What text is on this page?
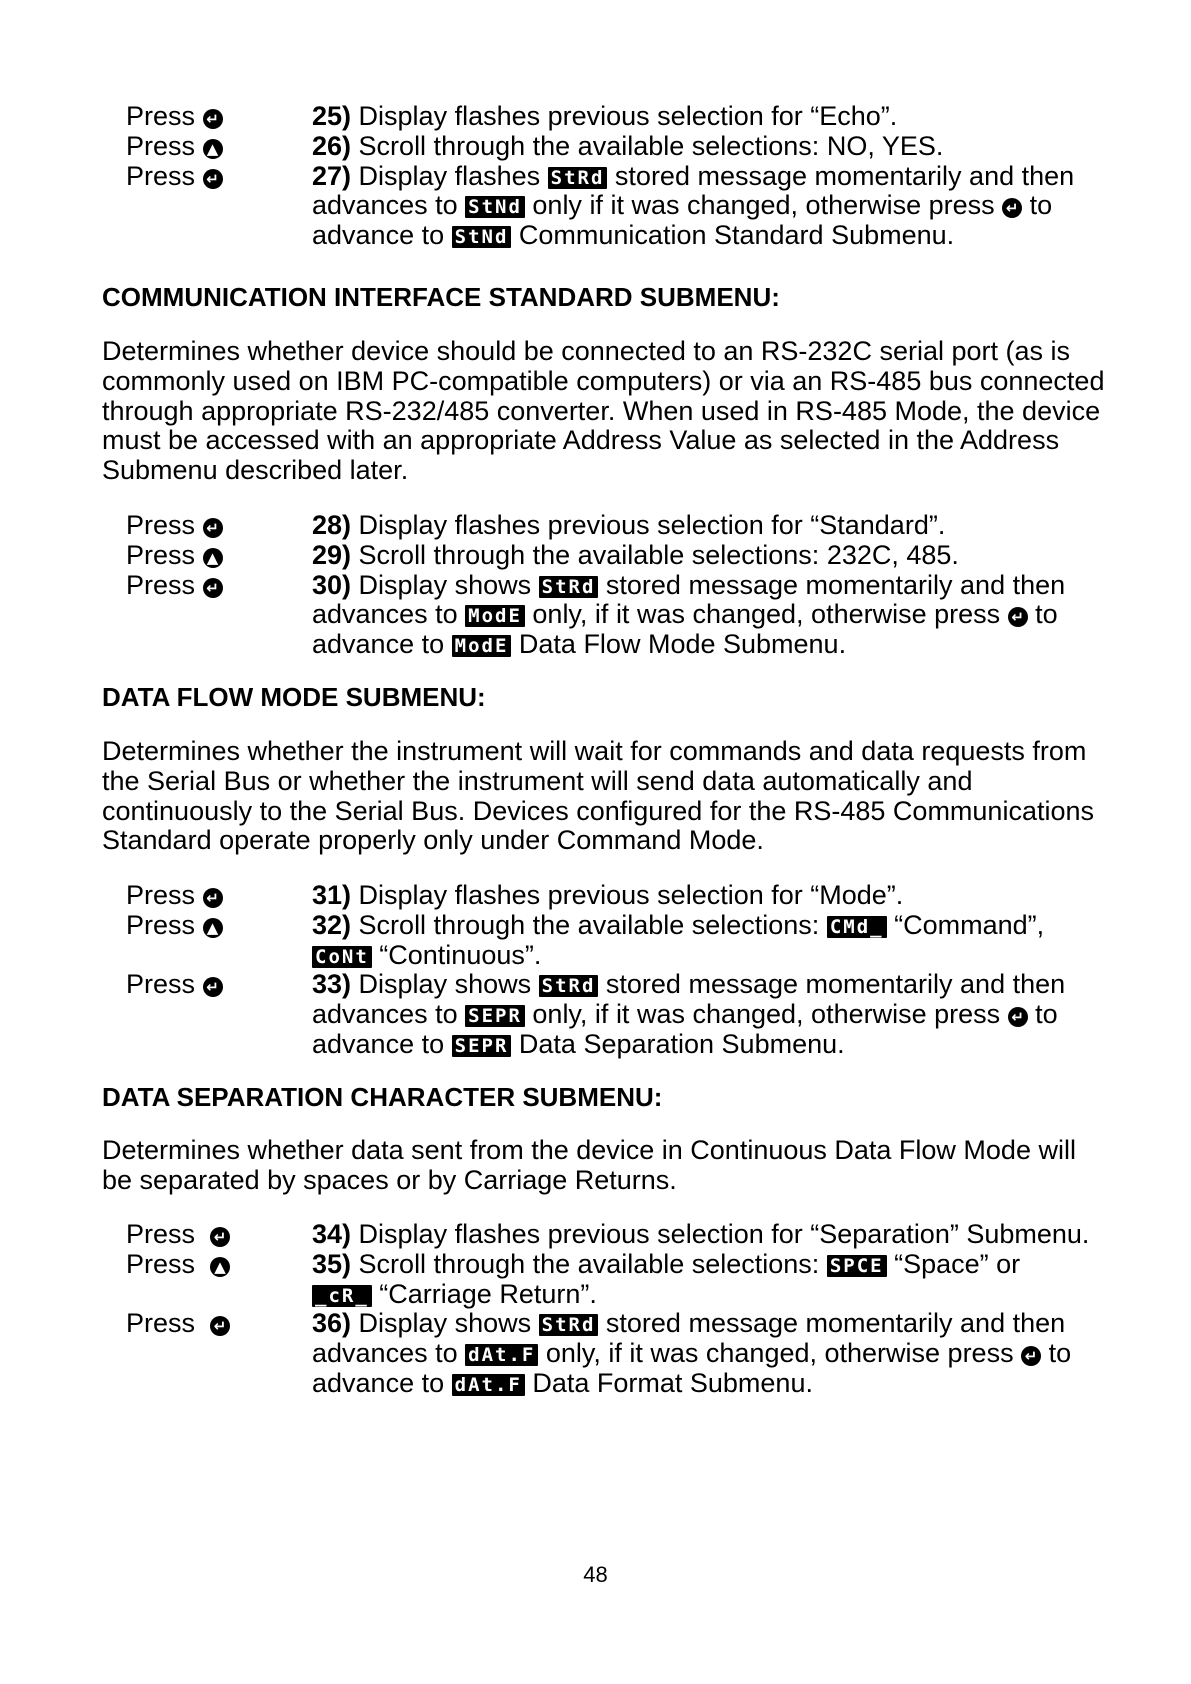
Press ↵	25) Display flashes previous selection for “Echo”.
Press ▲	26) Scroll through the available selections: NO, YES.
Press ↵	27) Display flashes StRd stored message momentarily and then advances to StNd only if it was changed, otherwise press ↵ to advance to StNd Communication Standard Submenu.
COMMUNICATION INTERFACE STANDARD SUBMENU:
Determines whether device should be connected to an RS-232C serial port (as is commonly used on IBM PC-compatible computers) or via an RS-485 bus connected through appropriate RS-232/485 converter. When used in RS-485 Mode, the device must be accessed with an appropriate Address Value as selected in the Address Submenu described later.
Press ↵	28) Display flashes previous selection for “Standard”.
Press ▲	29) Scroll through the available selections: 232C, 485.
Press ↵	30) Display shows StRd stored message momentarily and then advances to ModE only, if it was changed, otherwise press ↵ to advance to ModE Data Flow Mode Submenu.
DATA FLOW MODE SUBMENU:
Determines whether the instrument will wait for commands and data requests from the Serial Bus or whether the instrument will send data automatically and continuously to the Serial Bus. Devices configured for the RS-485 Communications Standard operate properly only under Command Mode.
Press ↵	31) Display flashes previous selection for “Mode”.
Press ▲	32) Scroll through the available selections: CMd_ “Command”,
CoNt “Continuous”.
Press ↵	33) Display shows StRd stored message momentarily and then advances to SEPR only, if it was changed, otherwise press ↵ to advance to SEPR Data Separation Submenu.
DATA SEPARATION CHARACTER SUBMENU:
Determines whether data sent from the device in Continuous Data Flow Mode will be separated by spaces or by Carriage Returns.
Press ↵	34) Display flashes previous selection for “Separation” Submenu.
Press ▲	35) Scroll through the available selections: SPCE “Space” or
_cR_ “Carriage Return”.
Press ↵	36) Display shows StRd stored message momentarily and then advances to dAt.F only, if it was changed, otherwise press ↵ to advance to dAt.F Data Format Submenu.
48
